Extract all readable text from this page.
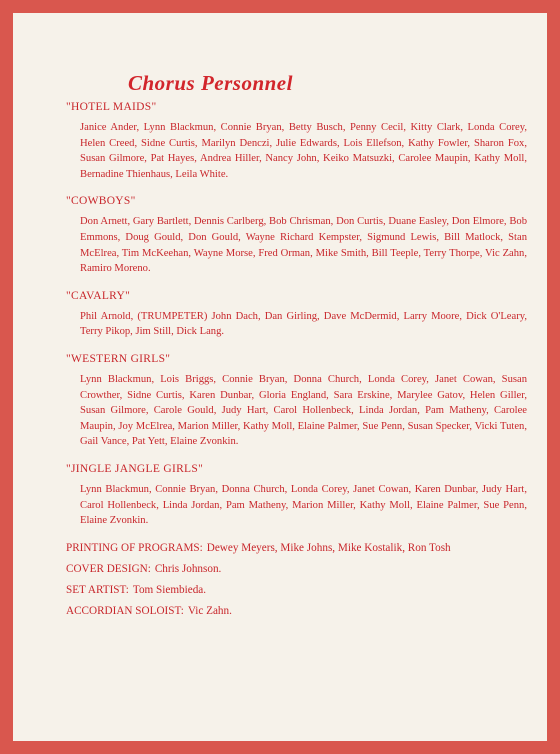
Chorus Personnel
"HOTEL MAIDS"
Janice Ander, Lynn Blackmun, Connie Bryan, Betty Busch, Penny Cecil, Kitty Clark, Londa Corey, Helen Creed, Sidne Curtis, Marilyn Denczi, Julie Edwards, Lois Ellefson, Kathy Fowler, Sharon Fox, Susan Gilmore, Pat Hayes, Andrea Hiller, Nancy John, Keiko Matsuzki, Carolee Maupin, Kathy Moll, Bernadine Thienhaus, Leila White.
"COWBOYS"
Don Arnett, Gary Bartlett, Dennis Carlberg, Bob Chrisman, Don Curtis, Duane Easley, Don Elmore, Bob Emmons, Doug Gould, Don Gould, Wayne Richard Kempster, Sigmund Lewis, Bill Matlock, Stan McElrea, Tim McKeehan, Wayne Morse, Fred Orman, Mike Smith, Bill Teeple, Terry Thorpe, Vic Zahn, Ramiro Moreno.
"CAVALRY"
Phil Arnold, (TRUMPETER) John Dach, Dan Girling, Dave McDermid, Larry Moore, Dick O'Leary, Terry Pikop, Jim Still, Dick Lang.
"WESTERN GIRLS"
Lynn Blackmun, Lois Briggs, Connie Bryan, Donna Church, Londa Corey, Janet Cowan, Susan Crowther, Sidne Curtis, Karen Dunbar, Gloria England, Sara Erskine, Marylee Gatov, Helen Giller, Susan Gilmore, Carole Gould, Judy Hart, Carol Hollenbeck, Linda Jordan, Pam Matheny, Carolee Maupin, Joy McElrea, Marion Miller, Kathy Moll, Elaine Palmer, Sue Penn, Susan Specker, Vicki Tuten, Gail Vance, Pat Yett, Elaine Zvonkin.
"JINGLE JANGLE GIRLS"
Lynn Blackmun, Connie Bryan, Donna Church, Londa Corey, Janet Cowan, Karen Dunbar, Judy Hart, Carol Hollenbeck, Linda Jordan, Pam Matheny, Marion Miller, Kathy Moll, Elaine Palmer, Sue Penn, Elaine Zvonkin.
PRINTING OF PROGRAMS: Dewey Meyers, Mike Johns, Mike Kostalik, Ron Tosh
COVER DESIGN: Chris Johnson.
SET ARTIST: Tom Siembieda.
ACCORDIAN SOLOIST: Vic Zahn.
